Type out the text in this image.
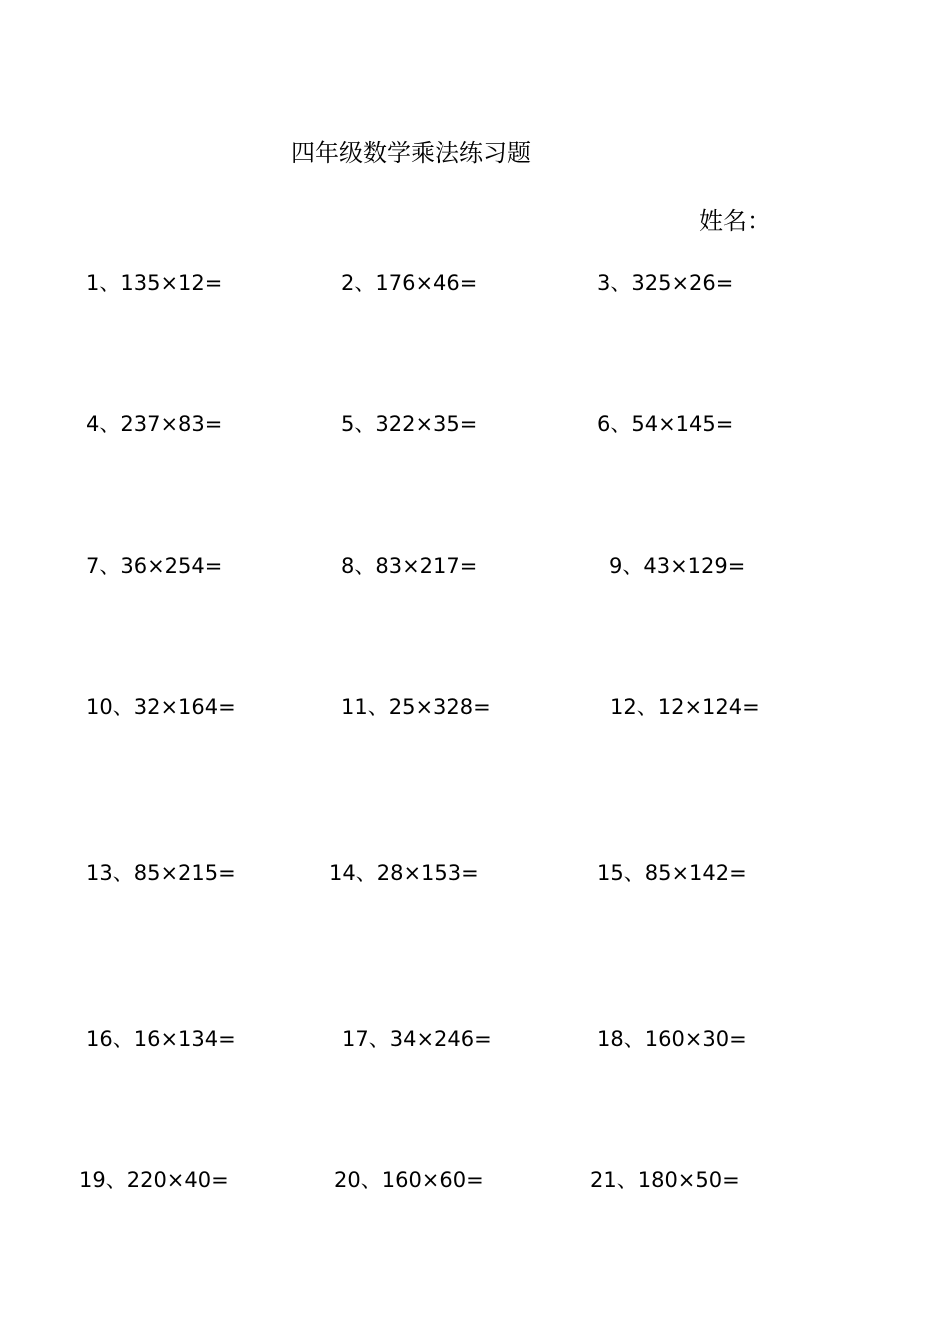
四年级数学乘法练习题
姓名：
1、135×12=	2、176×46=	3、325×26=
4、237×83=	5、322×35=	6、54×145=
7、36×254=	8、83×217=	9、43×129=
10、32×164=	11、25×328=	12、12×124=
13、85×215=	14、28×153=	15、85×142=
16、16×134=	17、34×246=	18、160×30=
19、220×40=	20、160×60=	21、180×50=
